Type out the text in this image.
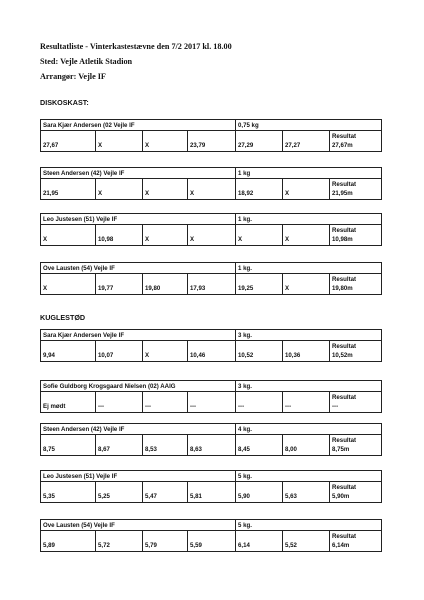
Resultatliste - Vinterkastestævne den 7/2 2017 kl. 18.00
Sted: Vejle Atletik Stadion
Arrangør: Vejle IF
DISKOSKAST:
KUGLESTØD
Sara Kjær Andersen (02 Vejle IF				0,75 kg		
27,67	X	X	23,79	27,29	27,27	Resultat
27,67m
Steen Andersen (42) Vejle IF				1 kg		
21,95	X	X	X	18,92	X	Resultat
21,95m
Leo Justesen (51) Vejle IF				1 kg.		
X	10,98	X	X	X	X	Resultat
10,98m
Ove Lausten (54) Vejle IF				1 kg.		
X	19,77	19,80	17,93	19,25	X	Resultat
19,80m
Sara Kjær Andersen Vejle IF				3 kg.		
9,94	10,07	X	10,46	10,52	10,36	Resultat
10,52m
Sofie Guldborg Krogsgaard Nielsen (02) AAIG				3 kg.		
Ej mødt	---	---	---	---	---	Resultat
---
Steen Andersen (42) Vejle IF				4 kg.		
8,75	8,67	8,53	8,63	8,45	8,00	Resultat
8,75m
Leo Justesen (51) Vejle IF				5 kg.		
5,35	5,25	5,47	5,81	5,90	5,63	Resultat
5,90m
Ove Lausten (54) Vejle IF				5 kg.		
5,89	5,72	5,79	5,59	6,14	5,52	Resultat
6,14m
